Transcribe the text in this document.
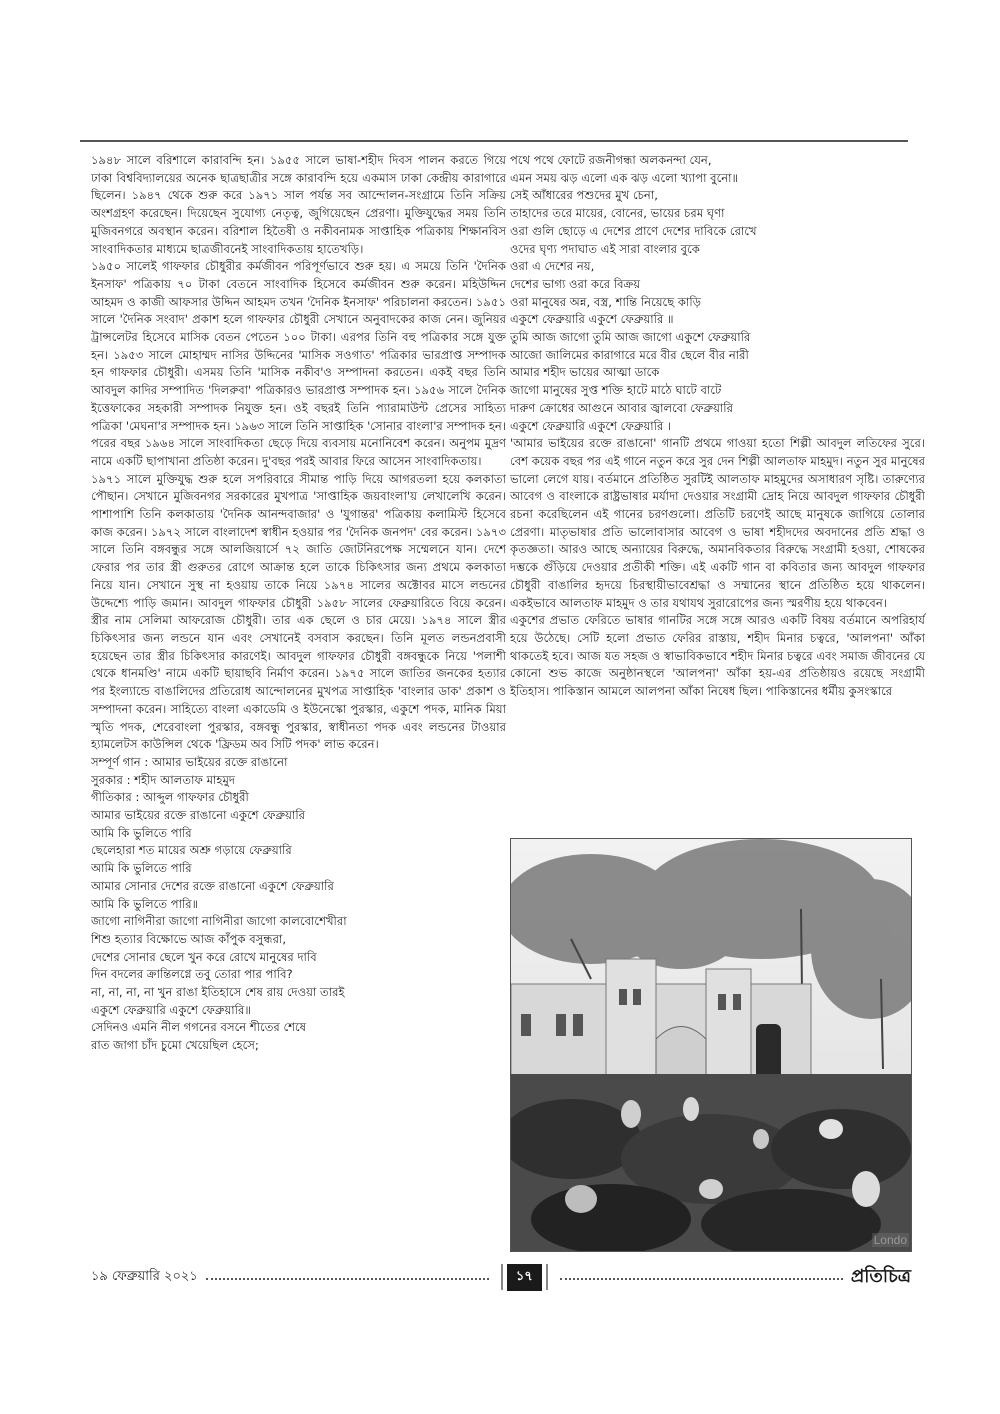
১৯৪৮ সালে বরিশালে কারাবন্দি হন। ১৯৫৫ সালে ভাষা-শহীদ দিবস পালন করতে গিয়ে ঢাকা বিশ্ববিদ্যালয়ের অনেক ছাত্রছাত্রীর সঙ্গে কারাবন্দি হয়ে একমাস ঢাকা কেন্দ্রীয় কারাগারে ছিলেন। ১৯৪৭ থেকে শুরু করে ১৯৭১ সাল পর্যন্ত সব আন্দোলন-সংগ্রামে তিনি সক্রিয় অংশগ্রহণ করেছেন। দিয়েছেন সুযোগ্য নেতৃত্ব, জুগিয়েছেন প্রেরণা। মুক্তিযুদ্ধের সময় তিনি মুজিবনগরে অবস্থান করেন। বরিশাল হিতৈষী ও নকীবনামক সাপ্তাহিক পত্রিকায় শিক্ষানবিস সাংবাদিকতার মাধ্যমে ছাত্রজীবনেই সাংবাদিকতায় হাতেখড়ি।

১৯৫০ সালেই গাফফার চৌধুরীর কর্মজীবন পরিপূর্ণভাবে শুরু হয়। এ সময়ে তিনি 'দৈনিক ইনসাফ' পত্রিকায় ৭০ টাকা বেতনে সাংবাদিক হিসেবে কর্মজীবন শুরু করেন। মহিউদ্দিন আহমদ ও কাজী আফসার উদ্দিন আহমদ তখন 'দৈনিক ইনসাফ' পরিচালনা করতেন। ১৯৫১ সালে 'দৈনিক সংবাদ' প্রকাশ হলে গাফফার চৌধুরী সেখানে অনুবাদকের কাজ নেন। জুনিয়র ট্রান্সলেটর হিসেবে মাসিক বেতন পেতেন ১০০ টাকা। এরপর তিনি বহু পত্রিকার সঙ্গে যুক্ত হন। ১৯৫৩ সালে মোহাম্মদ নাসির উদ্দিনের 'মাসিক সওগাত' পত্রিকার ভারপ্রাপ্ত সম্পাদক হন গাফফার চৌধুরী। এসময় তিনি 'মাসিক নকীব'ও সম্পাদনা করতেন। একই বছর তিনি আবদুল কাদির সম্পাদিত 'দিলরুবা' পত্রিকারও ভারপ্রাপ্ত সম্পাদক হন। ১৯৫৬ সালে দৈনিক ইত্তেফাকের সহকারী সম্পাদক নিযুক্ত হন। ওই বছরই তিনি প্যারামাউন্ট প্রেসের সাহিত্য পত্রিকা 'মেঘনা'র সম্পাদক হন। ১৯৬৩ সালে তিনি সাপ্তাহিক 'সোনার বাংলা'র সম্পাদক হন। পরের বছর ১৯৬৪ সালে সাংবাদিকতা ছেড়ে দিয়ে ব্যবসায় মনোনিবেশ করেন। অনুপম মুদ্রণ নামে একটি ছাপাখানা প্রতিষ্ঠা করেন। দু'বছর পরই আবার ফিরে আসেন সাংবাদিকতায়।

১৯৭১ সালে মুক্তিযুদ্ধ শুরু হলে সপরিবারে সীমান্ত পাড়ি দিয়ে আগরতলা হয়ে কলকাতা পৌছান। সেখানে মুজিবনগর সরকারের মুখপাত্র 'সাপ্তাহিক জয়বাংলা'য় লেখালেখি করেন। পাশাপাশি তিনি কলকাতায় 'দৈনিক আনন্দবাজার' ও 'যুগান্তর' পত্রিকায় কলামিস্ট হিসেবে কাজ করেন। ১৯৭২ সালে বাংলাদেশ স্বাধীন হওয়ার পর 'দৈনিক জনপদ' বের করেন। ১৯৭৩ সালে তিনি বঙ্গবন্ধুর সঙ্গে আলজিয়ার্সে ৭২ জাতি জোটনিরপেক্ষ সম্মেলনে যান। দেশে ফেরার পর তার স্ত্রী গুরুতর রোগে আক্রান্ত হলে তাকে চিকিৎসার জন্য প্রথমে কলকাতা নিয়ে যান। সেখানে সুস্থ না হওয়ায় তাকে নিয়ে ১৯৭৪ সালের অক্টোবর মাসে লন্ডনের উদ্দেশ্যে পাড়ি জমান। আবদুল গাফফার চৌধুরী ১৯৫৮ সালের ফেব্রুয়ারিতে বিয়ে করেন। স্ত্রীর নাম সেলিমা আফরোজ চৌধুরী। তার এক ছেলে ও চার মেয়ে। ১৯৭৪ সালে স্ত্রীর চিকিৎসার জন্য লন্ডনে যান এবং সেখানেই বসবাস করছেন। তিনি মূলত লন্ডনপ্রবাসী হয়েছেন তার স্ত্রীর চিকিৎসার কারণেই। আবদুল গাফফার চৌধুরী বঙ্গবন্ধুকে নিয়ে 'পলাশী থেকে ধানমণ্ডি' নামে একটি ছায়াছবি নির্মাণ করেন। ১৯৭৫ সালে জাতির জনকের হত্যার পর ইংল্যান্ডে বাঙালিদের প্রতিরোধ আন্দোলনের মুখপত্র সাপ্তাহিক 'বাংলার ডাক' প্রকাশ ও সম্পাদনা করেন। সাহিত্যে বাংলা একাডেমি ও ইউনেস্কো পুরস্কার, একুশে পদক, মানিক মিয়া স্মৃতি পদক, শেরেবাংলা পুরস্কার, বঙ্গবন্ধু পুরস্কার, স্বাধীনতা পদক এবং লন্ডনের টাওয়ার হ্যামলেটস কাউন্সিল থেকে 'ফ্রিডম অব সিটি পদক' লাভ করেন।

সম্পূর্ণ গান : আমার ভাইয়ের রক্তে রাঙানো
সুরকার : শহীদ আলতাফ মাহমুদ
গীতিকার : আব্দুল গাফফার চৌধুরী
আমার ভাইয়ের রক্তে রাঙানো একুশে ফেব্রুয়ারি
আমি কি ভুলিতে পারি
ছেলেহারা শত মায়ের অশ্রু গড়ায়ে ফেব্রুয়ারি
আমি কি ভুলিতে পারি
আমার সোনার দেশের রক্তে রাঙানো একুশে ফেব্রুয়ারি
আমি কি ভুলিতে পারি॥
জাগো নাগিনীরা জাগো নাগিনীরা জাগো কালবোশেখীরা
শিশু হত্যার বিক্ষোভে আজ কাঁপুক বসুন্ধরা,
দেশের সোনার ছেলে খুন করে রোখে মানুষের দাবি
দিন বদলের ক্রান্তিলগ্নে তবু তোরা পার পাবি?
না, না, না, না খুন রাঙা ইতিহাসে শেষ রায় দেওয়া তারই
একুশে ফেব্রুয়ারি একুশে ফেব্রুয়ারি॥
সেদিনও এমনি নীল গগনের বসনে শীতের শেষে
রাত জাগা চাঁদ চুমো খেয়েছিল হেসে;
পথে পথে ফোটে রজনীগন্ধা অলকনন্দা যেন,
এমন সময় ঝড় এলো এক ঝড় এলো খ্যাপা বুনো॥
সেই আঁধারের পশুদের মুখ চেনা,
তাহাদের তরে মায়ের, বোনের, ভায়ের চরম ঘৃণা
ওরা গুলি ছোড়ে এ দেশের প্রাণে দেশের দাবিকে রোখে
ওদের ঘৃণ্য পদাঘাত এই সারা বাংলার বুকে
ওরা এ দেশের নয়,
দেশের ভাগ্য ওরা করে বিক্রয়
ওরা মানুষের অন্ন, বস্ত্র, শান্তি নিয়েছে কাড়ি
একুশে ফেব্রুয়ারি একুশে ফেব্রুয়ারি ॥
তুমি আজ জাগো তুমি আজ জাগো একুশে ফেব্রুয়ারি
আজো জালিমের কারাগারে মরে বীর ছেলে বীর নারী
আমার শহীদ ভায়ের আত্মা ডাকে
জাগো মানুষের সুপ্ত শক্তি হাটে মাঠে ঘাটে বাটে
দারুণ ক্রোধের আগুনে আবার জ্বালবো ফেব্রুয়ারি
একুশে ফেব্রুয়ারি একুশে ফেব্রুয়ারি ।

'আমার ভাইয়ের রক্তে রাঙানো' গানটি প্রথমে গাওয়া হতো শিল্পী আবদুল লতিফের সুরে। বেশ কয়েক বছর পর এই গানে নতুন করে সুর দেন শিল্পী আলতাফ মাহমুদ। নতুন সুর মানুষের ভালো লেগে যায়। বর্তমানে প্রতিষ্ঠিত সুরটিই আলতাফ মাহমুদের অসাধারণ সৃষ্টি। তারুণ্যের আবেগ ও বাংলাকে রাষ্ট্রভাষার মর্যাদা দেওয়ার সংগ্রামী দ্রোহ নিয়ে আবদুল গাফফার চৌধুরী রচনা করেছিলেন এই গানের চরণগুলো। প্রতিটি চরণেই আছে মানুষকে জাগিয়ে তোলার প্রেরণা। মাতৃভাষার প্রতি ভালোবাসার আবেগ ও ভাষা শহীদদের অবদানের প্রতি শ্রদ্ধা ও কৃতজ্ঞতা। আরও আছে অন্যায়ের বিরুদ্ধে, অমানবিকতার বিরুদ্ধে সংগ্রামী হওয়া, শোষকের দম্ভকে গুঁড়িয়ে দেওয়ার প্রতীকী শক্তি। এই একটি গান বা কবিতার জন্য আবদুল গাফফার চৌধুরী বাঙালির হৃদয়ে চিরস্থায়ীভাবেশ্রদ্ধা ও সম্মানের স্থানে প্রতিষ্ঠিত হয়ে থাকলেন। একইভাবে আলতাফ মাহমুদ ও তার যথাযথ সুরারোপের জন্য স্মরণীয় হয়ে থাকবেন।

একুশের প্রভাত ফেরিতে ভাষার গানটির সঙ্গে সঙ্গে আরও একটি বিষয় বর্তমানে অপরিহার্য হয়ে উঠেছে। সেটি হলো প্রভাত ফেরির রাস্তায়, শহীদ মিনার চত্বরে, 'আলপনা' আঁকা থাকতেই হবে। আজ যত সহজ ও স্বাভাবিকভাবে শহীদ মিনার চত্বরে এবং সমাজ জীবনের যে কোনো শুভ কাজে অনুষ্ঠানস্থলে 'আলপনা' আঁকা হয়-এর প্রতিষ্ঠায়ও রয়েছে সংগ্রামী ইতিহাস। পাকিস্তান আমলে আলপনা আঁকা নিষেধ ছিল। পাকিস্তানের ধর্মীয় কুসংস্কারে

Londo
১৯ ফেব্রুয়ারি ২০২১	১৭	প্রতিচিত্র
